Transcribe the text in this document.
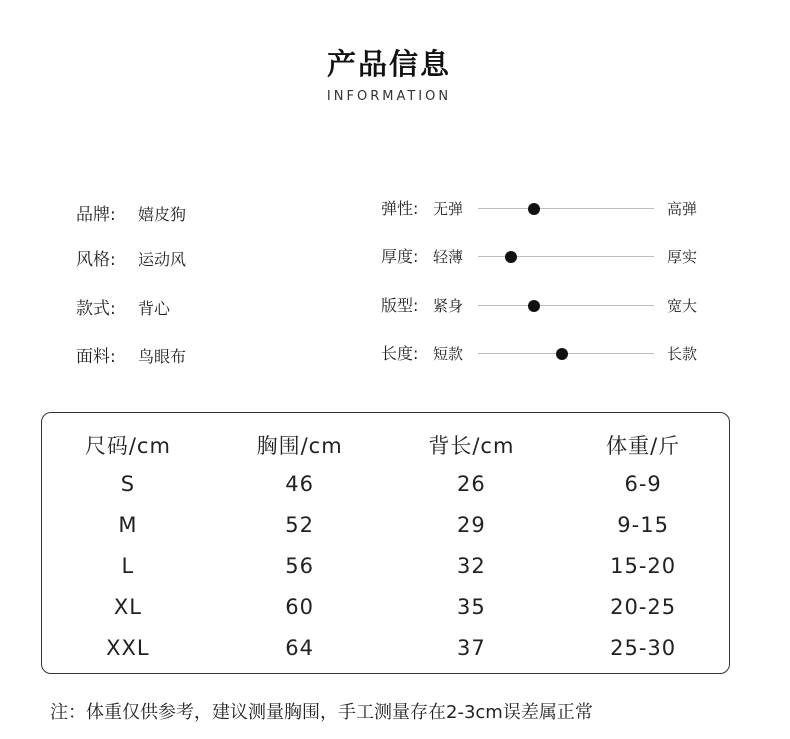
产品信息
INFORMATION
品牌: 嬉皮狗
风格: 运动风
款式: 背心
面料: 鸟眼布
弹性: 无弹	高弹
厚度: 轻薄	厚实
版型: 紧身	宽大
长度: 短款	长款
尺码/cm	胸围/cm	背长/cm	体重/斤
S	46	26	6-9
M	52	29	9-15
L	56	32	15-20
XL	60	35	20-25
XXL	64	37	25-30
注：体重仅供参考，建议测量胸围，手工测量存在2-3cm误差属正常
